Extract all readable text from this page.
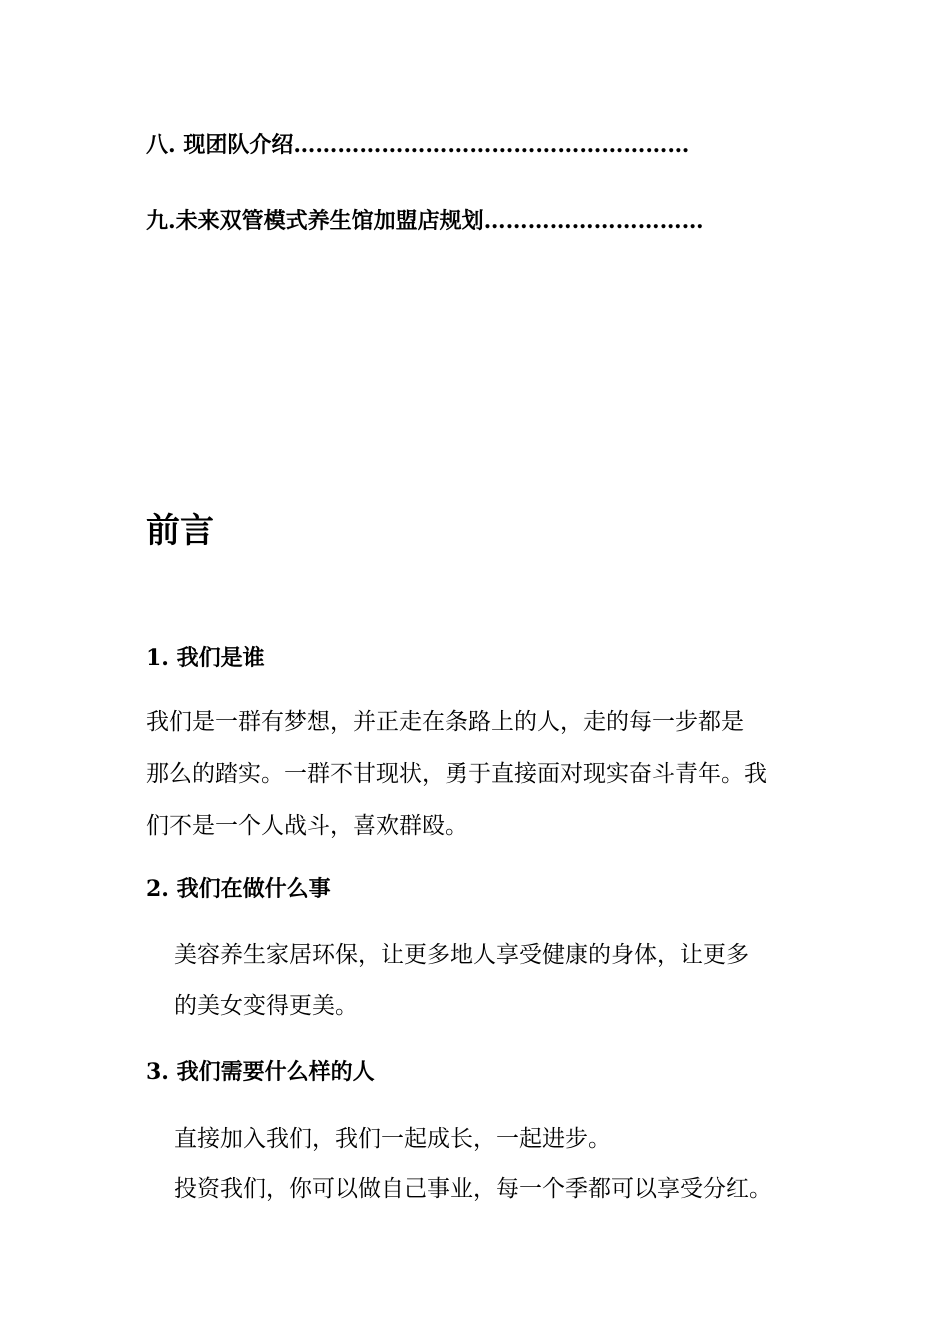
八. 现团队介绍………………………………………………
九.未来双管模式养生馆加盟店规划…………………………
前言
1. 我们是谁
我们是一群有梦想，并正走在条路上的人，走的每一步都是
那么的踏实。一群不甘现状，勇于直接面对现实奋斗青年。我
们不是一个人战斗，喜欢群殴。
2. 我们在做什么事
美容养生家居环保，让更多地人享受健康的身体，让更多
的美女变得更美。
3. 我们需要什么样的人
直接加入我们，我们一起成长，一起进步。
投资我们，你可以做自己事业，每一个季都可以享受分红。
